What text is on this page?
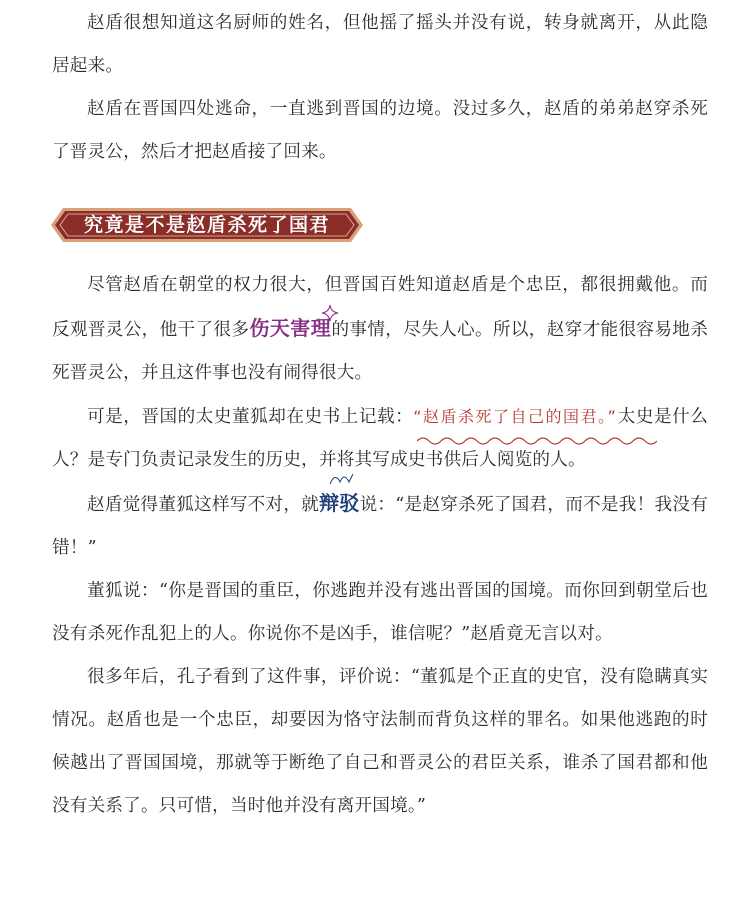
赵盾很想知道这名厨师的姓名，但他摇了摇头并没有说，转身就离开，从此隐居起来。

赵盾在晋国四处逃命，一直逃到晋国的边境。没过多久，赵盾的弟弟赵穿杀死了晋灵公，然后才把赵盾接了回来。

尽管赵盾在朝堂的权力很大，但晋国百姓知道赵盾是个忠臣，都很拥戴他。而反观晋灵公，他干了很多伤天害理
的事情，尽失人心。所以，赵穿才能很容易地杀死晋灵公，并且这件事也没有闹得很大。

可是，晋国的太史董狐却在史书上记载：“赵盾杀死了自己的国君。”
太史是什么人？是专门负责记录发生的历史，并将其写成史书供后人阅览的人。

赵盾觉得董狐这样写不对，就
辩驳说：“是赵穿杀死了国君，而不是我！我没有错！”

董狐说：“你是晋国的重臣，你逃跑并没有逃出晋国的国境。而你回到朝堂后也没有杀死作乱犯上的人。你说你不是凶手，谁信呢？”赵盾竟无言以对。

很多年后，孔子看到了这件事，评价说：“董狐是个正直的史官，没有隐瞒真实情况。赵盾也是一个忠臣，却要因为恪守法制而背负这样的罪名。如果他逃跑的时候越出了晋国国境，那就等于断绝了自己和晋灵公的君臣关系，谁杀了国君都和他没有关系了。只可惜，当时他并没有离开国境。”

究竟是不是赵盾杀死了国君
